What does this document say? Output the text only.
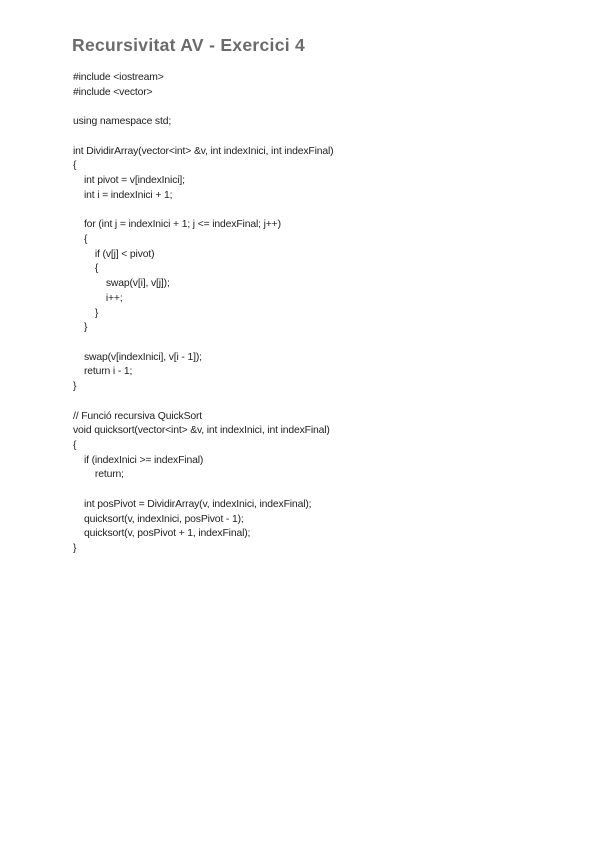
Recursivitat AV - Exercici 4
#include <iostream>
#include <vector>
using namespace std;
int DividirArray(vector<int> &v, int indexInici, int indexFinal)
{
int pivot = v[indexInici];
int i = indexInici + 1;
for (int j = indexInici + 1; j <= indexFinal; j++)
{
if (v[j] < pivot)
{
swap(v[i], v[j]);
i++;
}
}
swap(v[indexInici], v[i - 1]);
return i - 1;
}
// Funció recursiva QuickSort
void quicksort(vector<int> &v, int indexInici, int indexFinal)
{
if (indexInici >= indexFinal)
return;
int posPivot = DividirArray(v, indexInici, indexFinal);
quicksort(v, indexInici, posPivot - 1);
quicksort(v, posPivot + 1, indexFinal);
}
